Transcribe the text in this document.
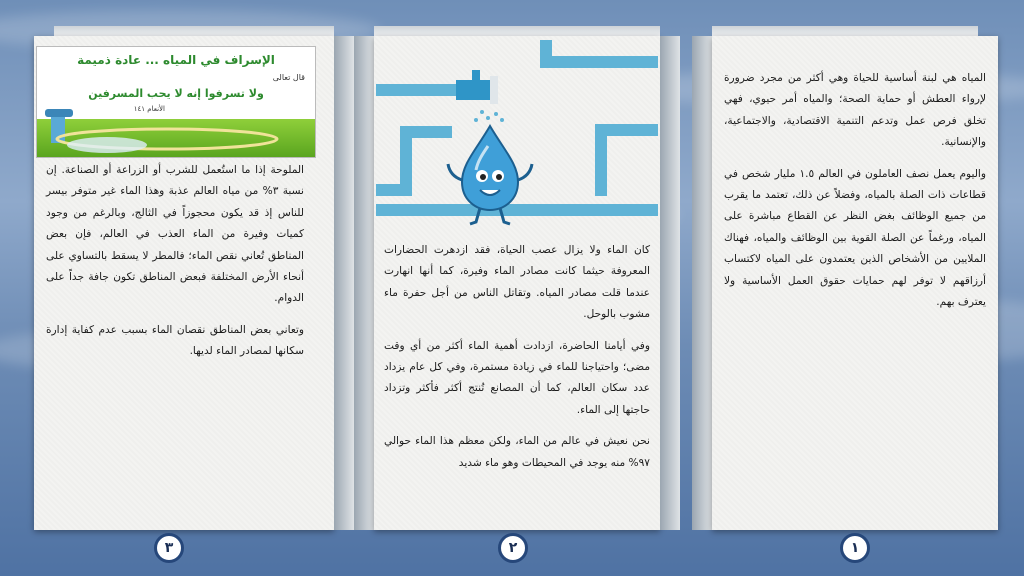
الإسراف في المياه ... عادة ذميمة
قال تعالى
ولا تسرفوا إنه لا يحب المسرفين
الأنعام ١٤١

الملوحة إذا ما استُعمل للشرب أو الزراعة أو الصناعة. إن نسبة ٣% من مياه العالم عذبة وهذا الماء غير متوفر بيسر للناس إذ قد يكون محجوزاً في الثالج، وبالرغم من وجود كميات وفيرة من الماء العذب في العالم، فإن بعض المناطق تُعاني نقص الماء؛ فالمطر لا يسقط بالتساوي على أنحاء الأرض المختلفة فبعض المناطق تكون جافة جداً على الدوام.

وتعاني بعض المناطق نقصان الماء بسبب عدم كفاية إدارة سكانها لمصادر الماء لديها.

كان الماء ولا يزال عصب الحياة، فقد ازدهرت الحضارات المعروفة حيثما كانت مصادر الماء وفيرة، كما أنها انهارت عندما قلت مصادر المياه. وتقاتل الناس من أجل حفرة ماء مشوب بالوحل.

وفي أيامنا الحاضرة، ازدادت أهمية الماء أكثر من أي وقت مضى؛ واحتياجنا للماء في زيادة مستمرة، وفي كل عام يزداد عدد سكان العالم، كما أن المصانع تُنتج أكثر فأكثر وتزداد حاجتها إلى الماء.

نحن نعيش في عالم من الماء، ولكن معظم هذا الماء حوالي ٩٧% منه يوجد في المحيطات وهو ماء شديد

المياه هي لبنة أساسية للحياة وهي أكثر من مجرد ضرورة لإرواء العطش أو حماية الصحة؛ والمياه أمر حيوي، فهي تخلق فرص عمل وتدعم التنمية الاقتصادية، والاجتماعية، والإنسانية.

واليوم يعمل نصف العاملون في العالم ١.٥ مليار شخص في قطاعات ذات الصلة بالمياه، وفضلاً عن ذلك، تعتمد ما يقرب من جميع الوظائف بغض النظر عن القطاع مباشرة على المياه، ورغماً عن الصلة القوية بين الوظائف والمياه، فهناك الملايين من الأشخاص الذين يعتمدون على المياه لاكتساب أرزاقهم لا توفر لهم حمايات حقوق العمل الأساسية ولا يعترف بهم.

٣	٢	١
